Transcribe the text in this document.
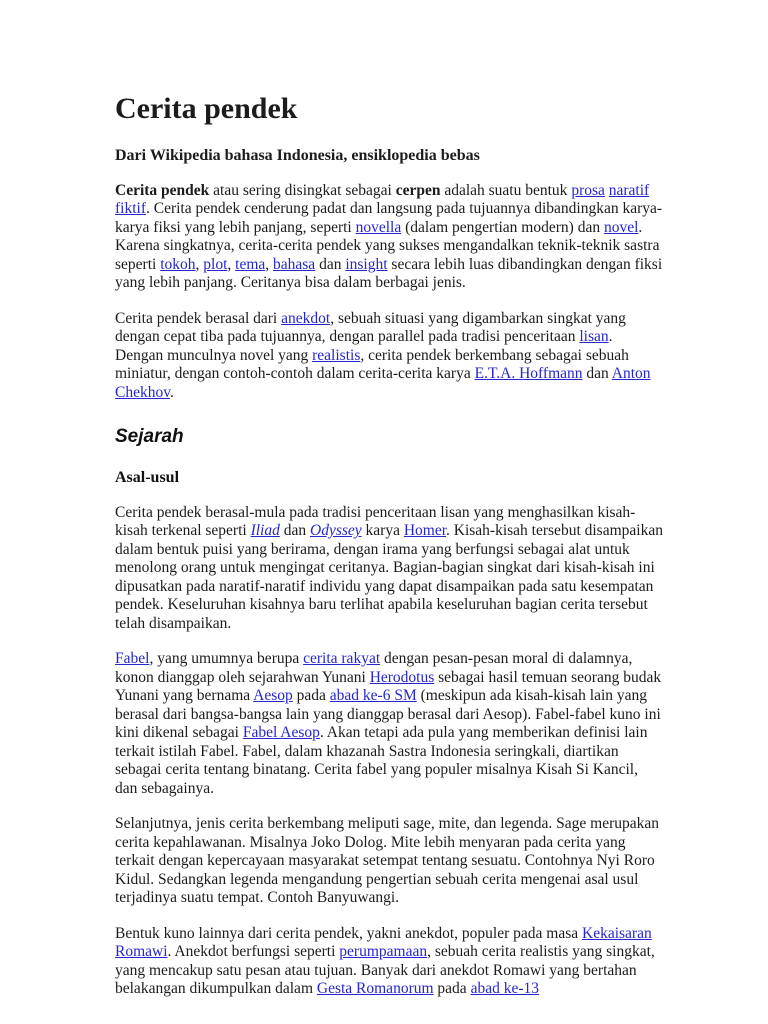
Cerita pendek
Dari Wikipedia bahasa Indonesia, ensiklopedia bebas

Cerita pendek atau sering disingkat sebagai cerpen adalah suatu bentuk prosa naratif fiktif. Cerita pendek cenderung padat dan langsung pada tujuannya dibandingkan karya-karya fiksi yang lebih panjang, seperti novella (dalam pengertian modern) dan novel. Karena singkatnya, cerita-cerita pendek yang sukses mengandalkan teknik-teknik sastra seperti tokoh, plot, tema, bahasa dan insight secara lebih luas dibandingkan dengan fiksi yang lebih panjang. Ceritanya bisa dalam berbagai jenis.

Cerita pendek berasal dari anekdot, sebuah situasi yang digambarkan singkat yang dengan cepat tiba pada tujuannya, dengan parallel pada tradisi penceritaan lisan. Dengan munculnya novel yang realistis, cerita pendek berkembang sebagai sebuah miniatur, dengan contoh-contoh dalam cerita-cerita karya E.T.A. Hoffmann dan Anton Chekhov.

Sejarah
Asal-usul

Cerita pendek berasal-mula pada tradisi penceritaan lisan yang menghasilkan kisah-kisah terkenal seperti Iliad dan Odyssey karya Homer. Kisah-kisah tersebut disampaikan dalam bentuk puisi yang berirama, dengan irama yang berfungsi sebagai alat untuk menolong orang untuk mengingat ceritanya. Bagian-bagian singkat dari kisah-kisah ini dipusatkan pada naratif-naratif individu yang dapat disampaikan pada satu kesempatan pendek. Keseluruhan kisahnya baru terlihat apabila keseluruhan bagian cerita tersebut telah disampaikan.

Fabel, yang umumnya berupa cerita rakyat dengan pesan-pesan moral di dalamnya, konon dianggap oleh sejarahwan Yunani Herodotus sebagai hasil temuan seorang budak Yunani yang bernama Aesop pada abad ke-6 SM (meskipun ada kisah-kisah lain yang berasal dari bangsa-bangsa lain yang dianggap berasal dari Aesop). Fabel-fabel kuno ini kini dikenal sebagai Fabel Aesop. Akan tetapi ada pula yang memberikan definisi lain terkait istilah Fabel. Fabel, dalam khazanah Sastra Indonesia seringkali, diartikan sebagai cerita tentang binatang. Cerita fabel yang populer misalnya Kisah Si Kancil, dan sebagainya.

Selanjutnya, jenis cerita berkembang meliputi sage, mite, dan legenda. Sage merupakan cerita kepahlawanan. Misalnya Joko Dolog. Mite lebih menyaran pada cerita yang terkait dengan kepercayaan masyarakat setempat tentang sesuatu. Contohnya Nyi Roro Kidul. Sedangkan legenda mengandung pengertian sebuah cerita mengenai asal usul terjadinya suatu tempat. Contoh Banyuwangi.

Bentuk kuno lainnya dari cerita pendek, yakni anekdot, populer pada masa Kekaisaran Romawi. Anekdot berfungsi seperti perumpamaan, sebuah cerita realistis yang singkat, yang mencakup satu pesan atau tujuan. Banyak dari anekdot Romawi yang bertahan belakangan dikumpulkan dalam Gesta Romanorum pada abad ke-13
